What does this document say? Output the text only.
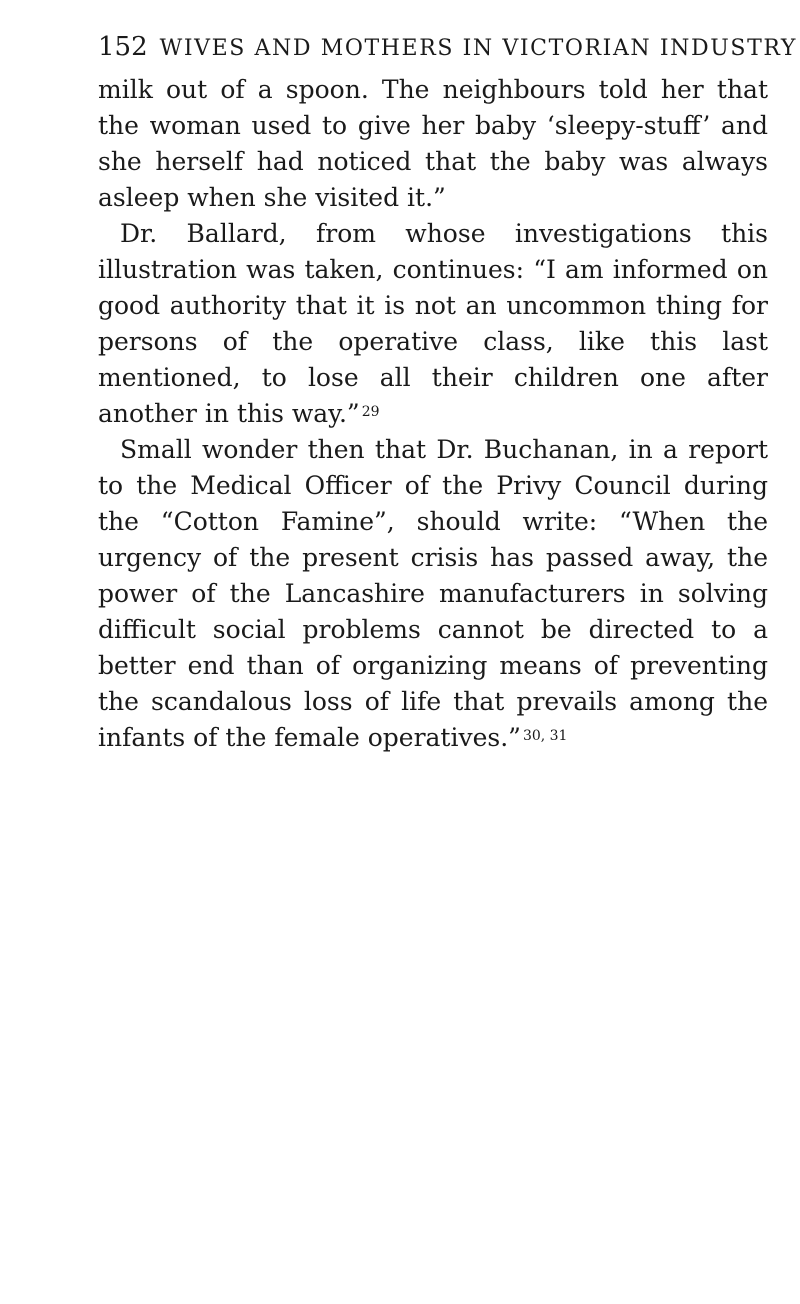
152 WIVES AND MOTHERS IN VICTORIAN INDUSTRY

milk out of a spoon. The neighbours told her that the woman used to give her baby ‘sleepy-stuff’ and she herself had noticed that the baby was always asleep when she visited it.”

Dr. Ballard, from whose investigations this illustration was taken, continues: “I am informed on good authority that it is not an uncommon thing for persons of the operative class, like this last mentioned, to lose all their children one after another in this way.” $^{29}$

Small wonder then that Dr. Buchanan, in a report to the Medical Officer of the Privy Council during the “Cotton Famine”, should write: “When the urgency of the present crisis has passed away, the power of the Lancashire manufacturers in solving difficult social problems cannot be directed to a better end than of organizing means of preventing the scandalous loss of life that prevails among the infants of the female operatives.” $^{30, 31}$
